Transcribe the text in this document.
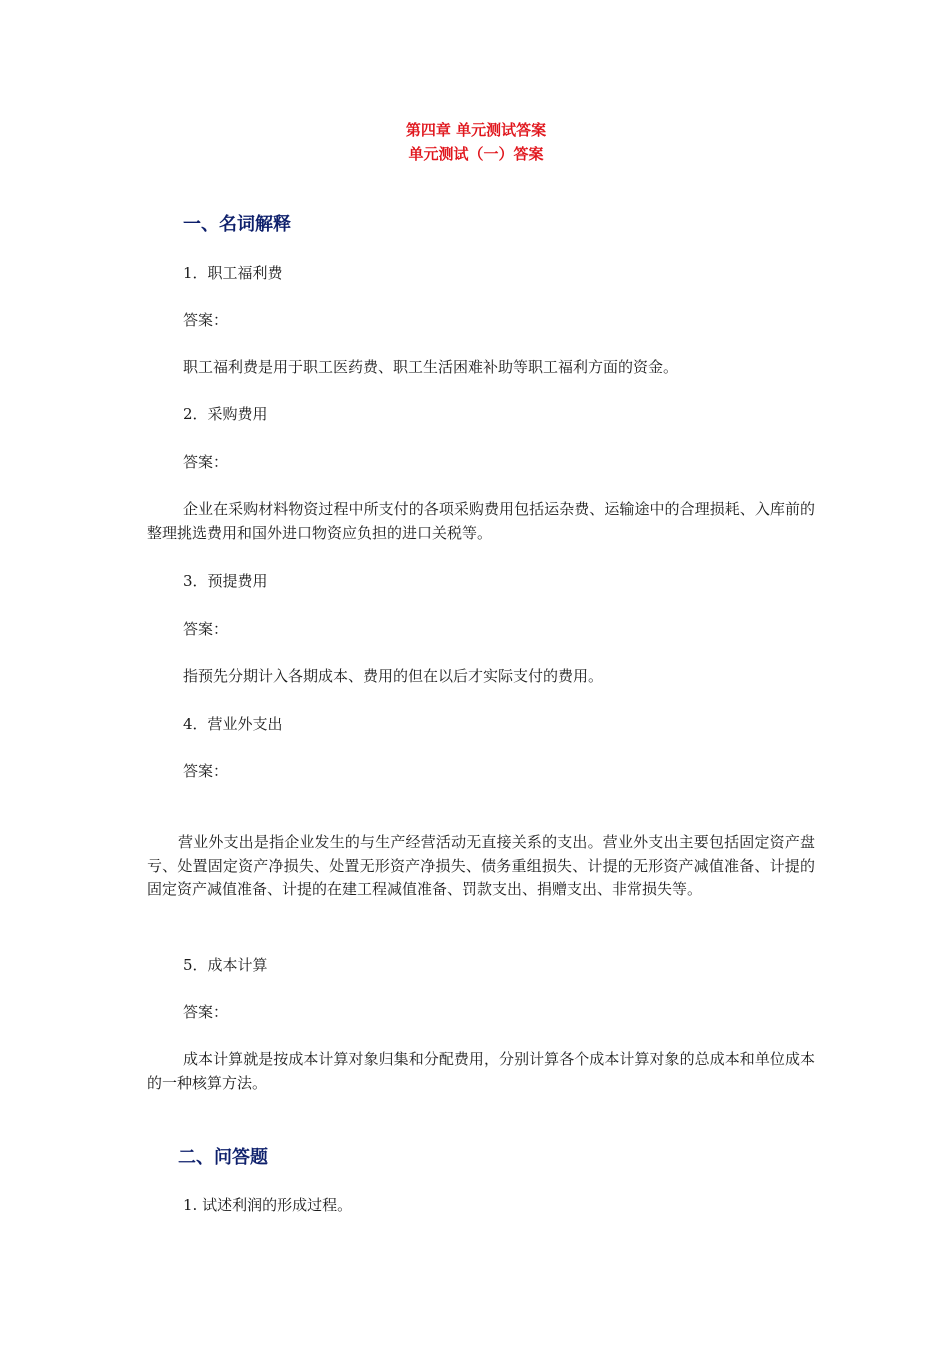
第四章 单元测试答案
单元测试（一）答案
一、名词解释
1．职工福利费
答案：
职工福利费是用于职工医药费、职工生活困难补助等职工福利方面的资金。
2．采购费用
答案：
企业在采购材料物资过程中所支付的各项采购费用包括运杂费、运输途中的合理损耗、入库前的整理挑选费用和国外进口物资应负担的进口关税等。
3．预提费用
答案：
指预先分期计入各期成本、费用的但在以后才实际支付的费用。
4．营业外支出
答案：
营业外支出是指企业发生的与生产经营活动无直接关系的支出。营业外支出主要包括固定资产盘亏、处置固定资产净损失、处置无形资产净损失、债务重组损失、计提的无形资产减值准备、计提的固定资产减值准备、计提的在建工程减值准备、罚款支出、捐赠支出、非常损失等。
5．成本计算
答案：
成本计算就是按成本计算对象归集和分配费用，分别计算各个成本计算对象的总成本和单位成本的一种核算方法。
二、问答题
1. 试述利润的形成过程。
